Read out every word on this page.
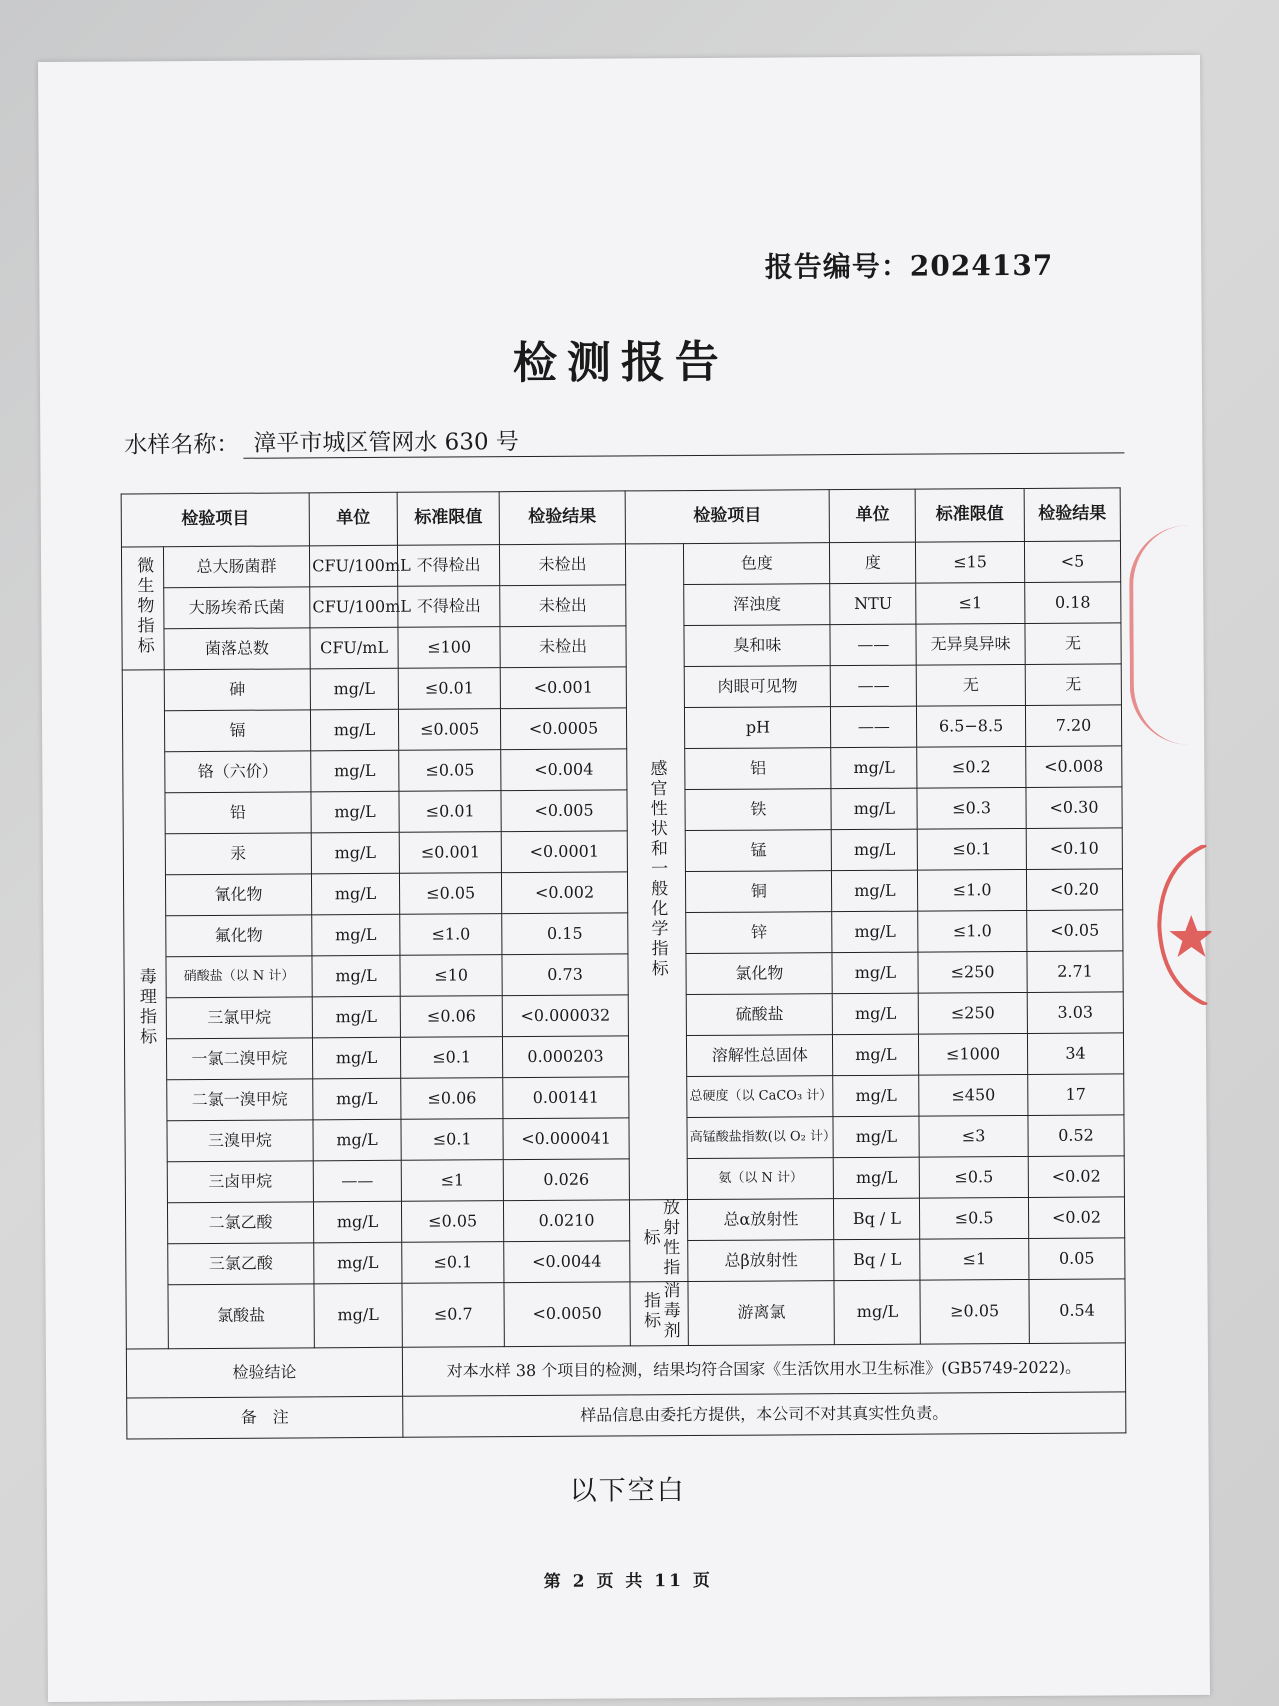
报告编号：2024137
检测报告
水样名称： 漳平市城区管网水 630 号
检验项目		单位	标准限值	检验结果	检验项目		单位	标准限值	检验结果
微生物指标	总大肠菌群	CFU/100mL	不得检出	未检出	感官性状和一般化学指标	色度	度	≤15	<5
	大肠埃希氏菌	CFU/100mL	不得检出	未检出		浑浊度	NTU	≤1	0.18
	菌落总数	CFU/mL	≤100	未检出		臭和味	——	无异臭异味	无
毒理指标	砷	mg/L	≤0.01	<0.001		肉眼可见物	——	无	无
	镉	mg/L	≤0.005	<0.0005		pH	——	6.5−8.5	7.20
	铬（六价）	mg/L	≤0.05	<0.004		铝	mg/L	≤0.2	<0.008
	铅	mg/L	≤0.01	<0.005		铁	mg/L	≤0.3	<0.30
	汞	mg/L	≤0.001	<0.0001		锰	mg/L	≤0.1	<0.10
	氰化物	mg/L	≤0.05	<0.002		铜	mg/L	≤1.0	<0.20
	氟化物	mg/L	≤1.0	0.15		锌	mg/L	≤1.0	<0.05
	硝酸盐（以 N 计）	mg/L	≤10	0.73		氯化物	mg/L	≤250	2.71
	三氯甲烷	mg/L	≤0.06	<0.000032		硫酸盐	mg/L	≤250	3.03
	一氯二溴甲烷	mg/L	≤0.1	0.000203		溶解性总固体	mg/L	≤1000	34
	二氯一溴甲烷	mg/L	≤0.06	0.00141		总硬度（以 CaCO₃ 计）	mg/L	≤450	17
	三溴甲烷	mg/L	≤0.1	<0.000041		高锰酸盐指数(以 O₂ 计）	mg/L	≤3	0.52
	三卤甲烷	——	≤1	0.026		氨（以 N 计）	mg/L	≤0.5	<0.02
	二氯乙酸	mg/L	≤0.05	0.0210	放射性指标	总α放射性	Bq / L	≤0.5	<0.02
	三氯乙酸	mg/L	≤0.1	<0.0044		总β放射性	Bq / L	≤1	0.05
	氯酸盐	mg/L	≤0.7	<0.0050	消毒剂指标	游离氯	mg/L	≥0.05	0.54
检验结论			对本水样 38 个项目的检测，结果均符合国家《生活饮用水卫生标准》(GB5749-2022)。						
备　注			样品信息由委托方提供，本公司不对其真实性负责。						
以下空白
第 2 页 共 11 页
